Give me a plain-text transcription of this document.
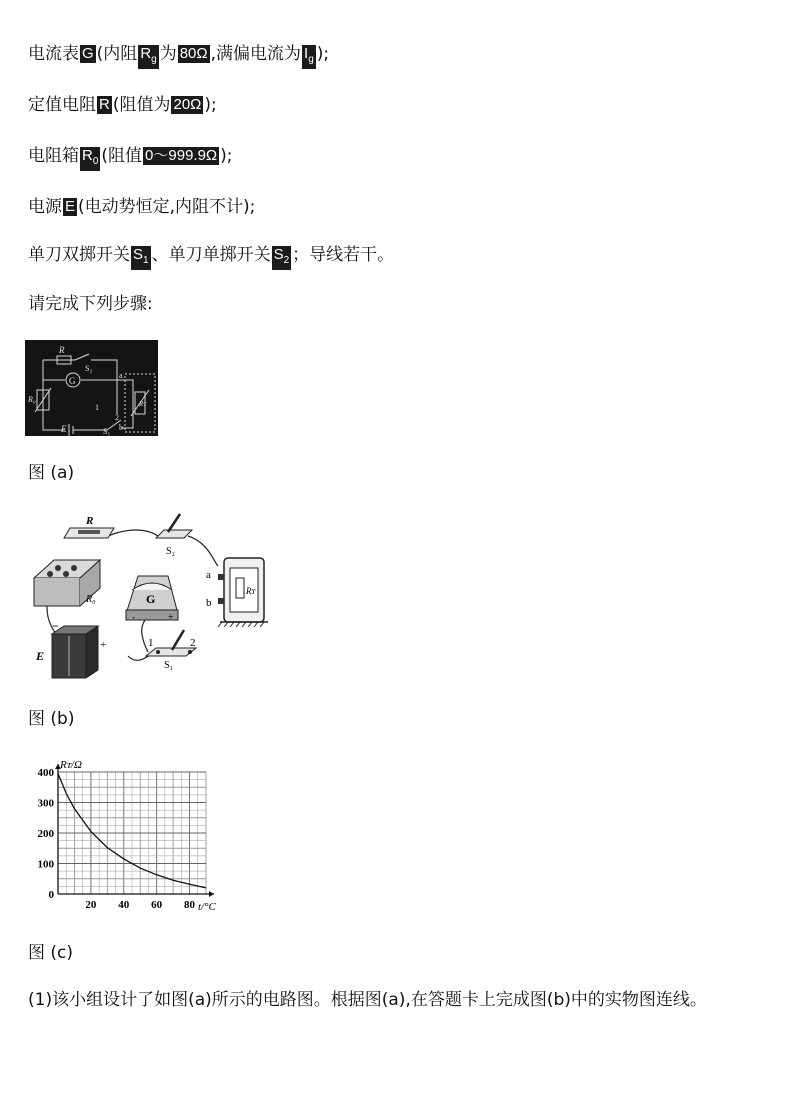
电流表 G (内阻 $R_g$ 为 80Ω ,满偏电流为 $I_g$ );
定值电阻 R (阻值为 20Ω );
电阻箱 $R_0$ (阻值 0～999.9Ω );
电源 E (电动势恒定,内阻不计);
单刀双掷开关 $S_1$ 、单刀单掷开关 $S_2$ ；导线若干。
请完成下列步骤:
R
S₂
G
a
R₀	Rᴛ
1
2
E	S₁ b
图 (a)
R
S₂
R₀	G
-	+
a
b
Rᴛ
−
+
E
1	2
S₁
图 (b)
20 40 60 80
0
100
200
300
400
Rᴛ/Ω
t/°C
图 (c)
(1)该小组设计了如图(a)所示的电路图。根据图(a),在答题卡上完成图(b)中的实物图连线。
